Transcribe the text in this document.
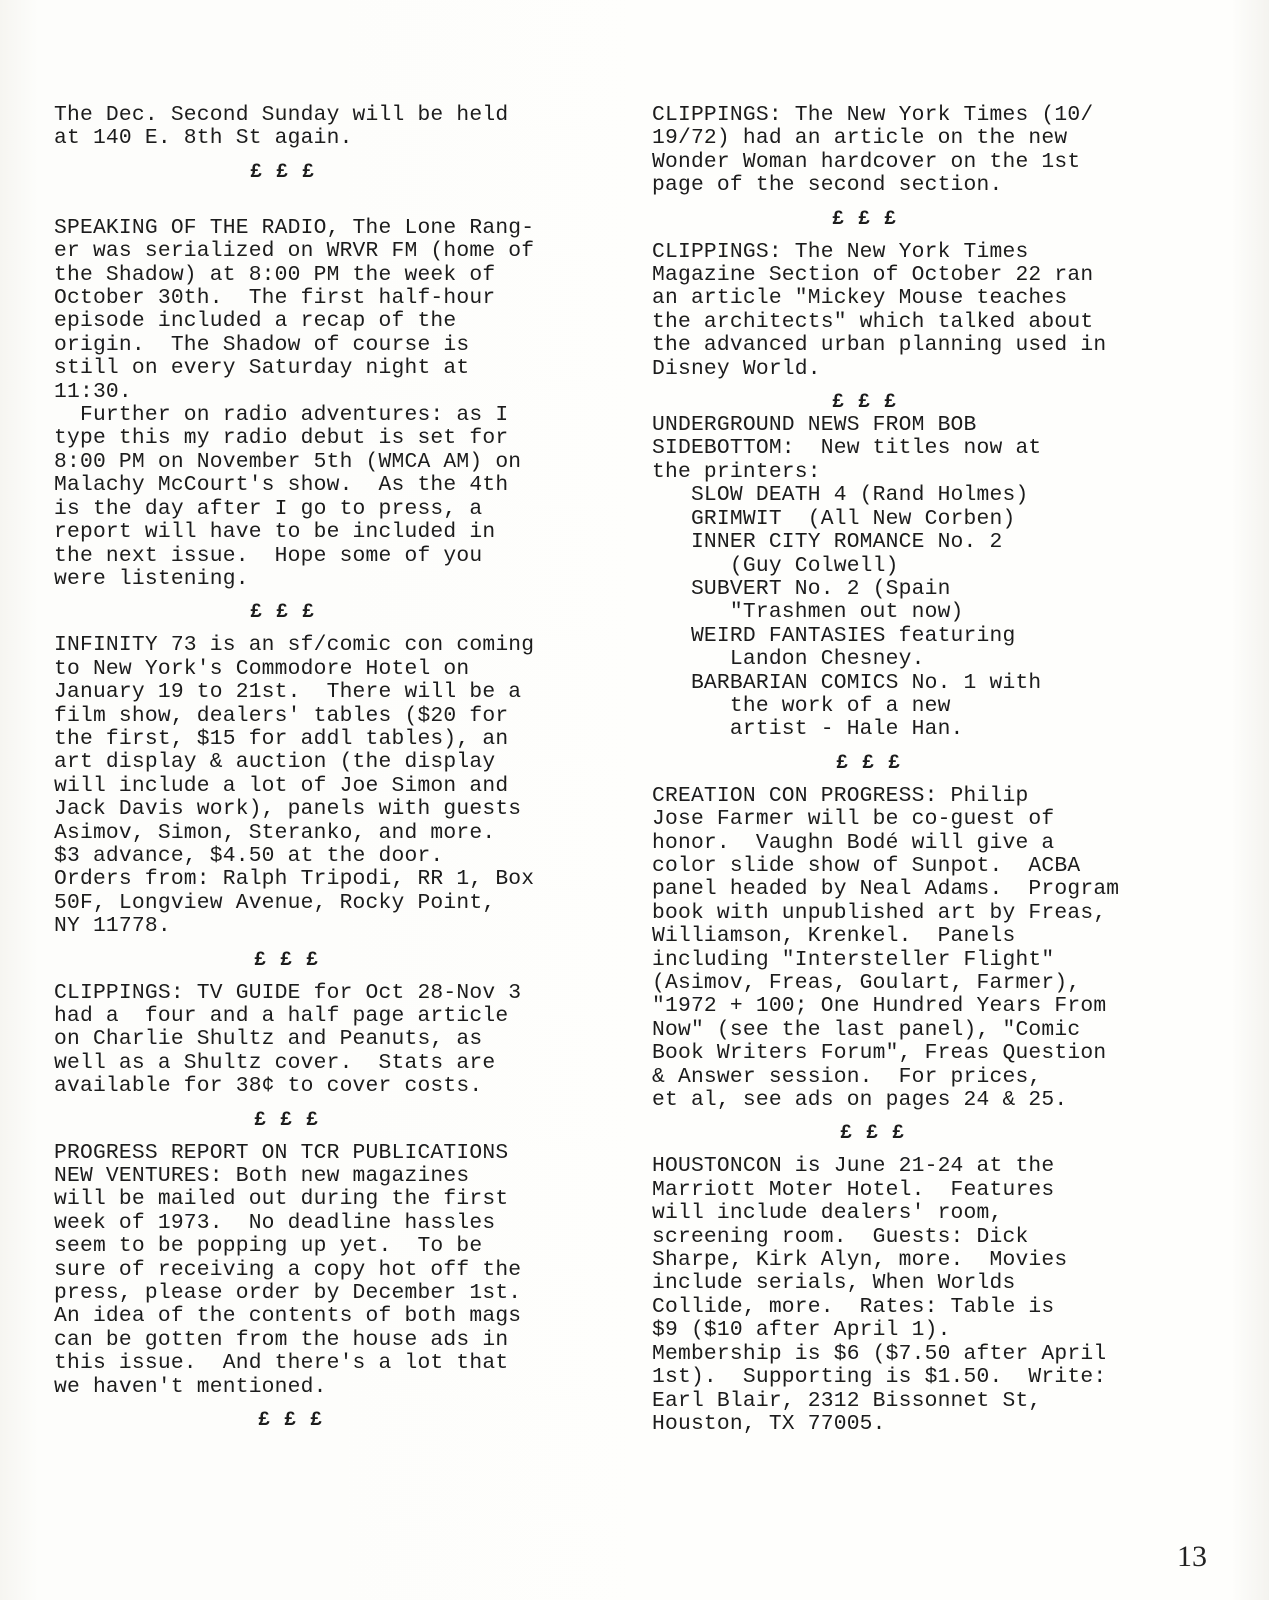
The Dec. Second Sunday will be held
at 140 E. 8th St again.
£ £ £
SPEAKING OF THE RADIO, The Lone Rang-
er was serialized on WRVR FM (home of
the Shadow) at 8:00 PM the week of
October 30th.  The first half-hour
episode included a recap of the
origin.  The Shadow of course is
still on every Saturday night at
11:30.
Further on radio adventures: as I
type this my radio debut is set for
8:00 PM on November 5th (WMCA AM) on
Malachy McCourt's show.  As the 4th
is the day after I go to press, a
report will have to be included in
the next issue.  Hope some of you
were listening.
£ £ £
INFINITY 73 is an sf/comic con coming
to New York's Commodore Hotel on
January 19 to 21st.  There will be a
film show, dealers' tables ($20 for
the first, $15 for addl tables), an
art display & auction (the display
will include a lot of Joe Simon and
Jack Davis work), panels with guests
Asimov, Simon, Steranko, and more.
$3 advance, $4.50 at the door.
Orders from: Ralph Tripodi, RR 1, Box
50F, Longview Avenue, Rocky Point,
NY 11778.
£ £ £
CLIPPINGS: TV GUIDE for Oct 28-Nov 3
had a  four and a half page article
on Charlie Shultz and Peanuts, as
well as a Shultz cover.  Stats are
available for 38¢ to cover costs.
£ £ £
PROGRESS REPORT ON TCR PUBLICATIONS
NEW VENTURES: Both new magazines
will be mailed out during the first
week of 1973.  No deadline hassles
seem to be popping up yet.  To be
sure of receiving a copy hot off the
press, please order by December 1st.
An idea of the contents of both mags
can be gotten from the house ads in
this issue.  And there's a lot that
we haven't mentioned.
£ £ £
CLIPPINGS: The New York Times (10/
19/72) had an article on the new
Wonder Woman hardcover on the 1st
page of the second section.
£ £ £
CLIPPINGS: The New York Times
Magazine Section of October 22 ran
an article "Mickey Mouse teaches
the architects" which talked about
the advanced urban planning used in
Disney World.
£ £ £
UNDERGROUND NEWS FROM BOB
SIDEBOTTOM:  New titles now at
the printers:
SLOW DEATH 4 (Rand Holmes)
GRIMWIT  (All New Corben)
INNER CITY ROMANCE No. 2
(Guy Colwell)
SUBVERT No. 2 (Spain
"Trashmen out now)
WEIRD FANTASIES featuring
Landon Chesney.
BARBARIAN COMICS No. 1 with
the work of a new
artist - Hale Han.
£ £ £
CREATION CON PROGRESS: Philip
Jose Farmer will be co-guest of
honor.  Vaughn Bodé will give a
color slide show of Sunpot.  ACBA
panel headed by Neal Adams.  Program
book with unpublished art by Freas,
Williamson, Krenkel.  Panels
including "Intersteller Flight"
(Asimov, Freas, Goulart, Farmer),
"1972 + 100; One Hundred Years From
Now" (see the last panel), "Comic
Book Writers Forum", Freas Question
& Answer session.  For prices,
et al, see ads on pages 24 & 25.
£ £ £
HOUSTONCON is June 21-24 at the
Marriott Moter Hotel.  Features
will include dealers' room,
screening room.  Guests: Dick
Sharpe, Kirk Alyn, more.  Movies
include serials, When Worlds
Collide, more.  Rates: Table is
$9 ($10 after April 1).
Membership is $6 ($7.50 after April
1st).  Supporting is $1.50.  Write:
Earl Blair, 2312 Bissonnet St,
Houston, TX 77005.
13
